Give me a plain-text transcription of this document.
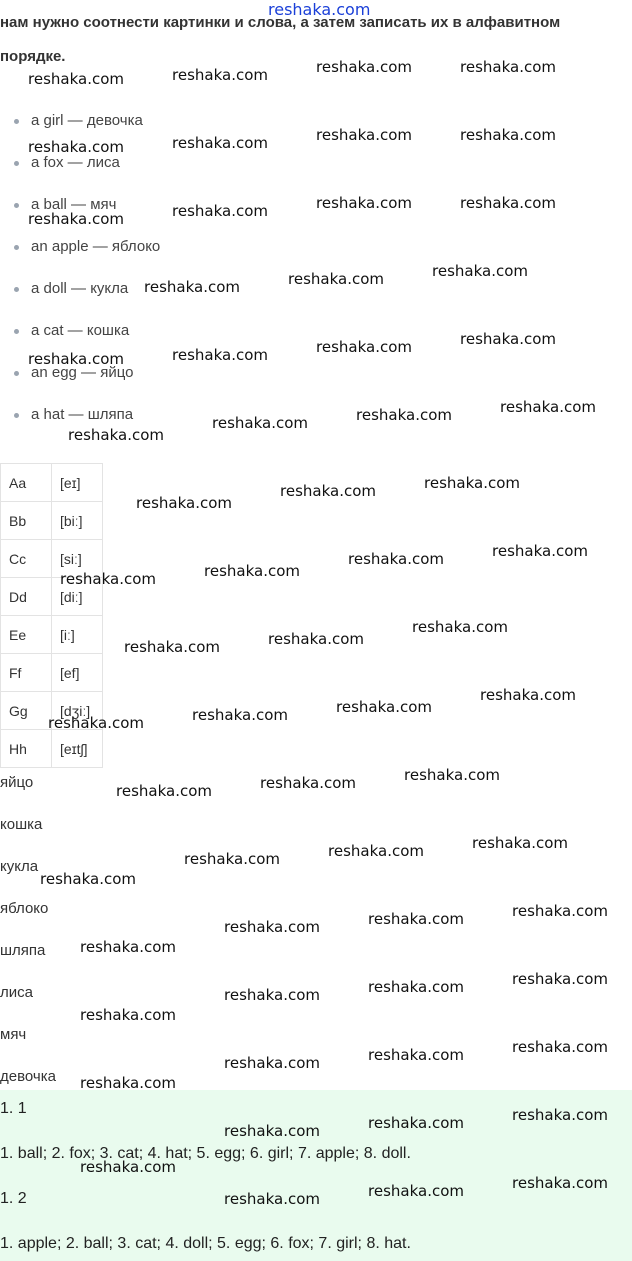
нам нужно соотнести картинки и слова, а затем записать их в алфавитном
порядке.
a girl — девочка
a fox — лиса
a ball — мяч
an apple — яблоко
a doll — кукла
a cat — кошка
an egg — яйцо
a hat — шляпа
Aa	[eɪ]
Bb	[biː]
Cc	[siː]
Dd	[diː]
Ee	[iː]
Ff	[ef]
Gg	[dʒiː]
Hh	[eɪtʃ]
яйцо
кошка
кукла
яблоко
шляпа
лиса
мяч
девочка
1. 1
1. ball; 2. fox; 3. cat; 4. hat; 5. egg; 6. girl; 7. apple; 8. doll.
1. 2
1. apple; 2. ball; 3. cat; 4. doll; 5. egg; 6. fox; 7. girl; 8. hat.
reshaka.com
reshaka.com	reshaka.com	reshaka.com	reshaka.com
reshaka.com	reshaka.com	reshaka.com	reshaka.com
reshaka.com	reshaka.com	reshaka.com	reshaka.com
reshaka.com	reshaka.com	reshaka.com
reshaka.com	reshaka.com	reshaka.com	reshaka.com
reshaka.com
reshaka.com	reshaka.com	reshaka.com
reshaka.com
reshaka.com	reshaka.com
reshaka.com	reshaka.com
reshaka.com	reshaka.com
reshaka.com	reshaka.com
reshaka.com
reshaka.com	reshaka.com	reshaka.com
reshaka.com
reshaka.com	reshaka.com	reshaka.com
reshaka.com
reshaka.com	reshaka.com	reshaka.com
reshaka.com	reshaka.com	reshaka.com
reshaka.com
reshaka.com	reshaka.com	reshaka.com
reshaka.com
reshaka.com	reshaka.com	reshaka.com
reshaka.com
reshaka.com	reshaka.com	reshaka.com
reshaka.com
reshaka.com	reshaka.com	reshaka.com
